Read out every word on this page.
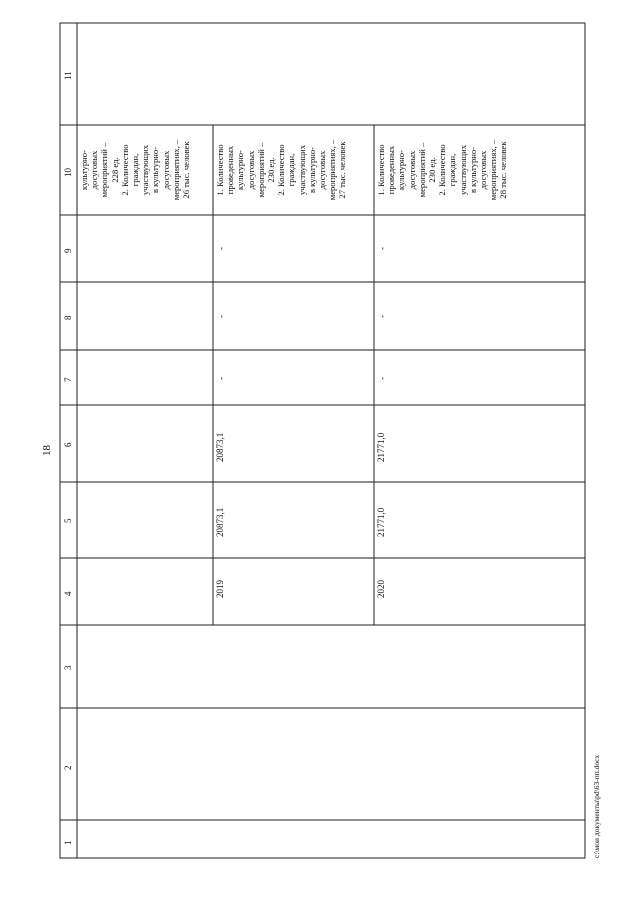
18
c:\мои документы\pd\63-пп.docx
1
2
3
4
5
6
7
8
9
10
11
культурно- досуговых мероприятий – 228 ед. 2. Количество граждан, участвующих в культурно- досуговых мероприятиях, – 26 тыс. человек
2019
20873,1
20873,1
-
-
-
1. Количество проведенных культурно- досуговых мероприятий – 230 ед. 2. Количество граждан, участвующих в культурно- досуговых мероприятиях, – 27 тыс. человек
2020
21771,0
21771,0
-
-
-
1. Количество проведенных культурно- досуговых мероприятий – 230 ед. 2. Количество граждан, участвующих в культурно- досуговых мероприятиях, – 28 тыс. человек
